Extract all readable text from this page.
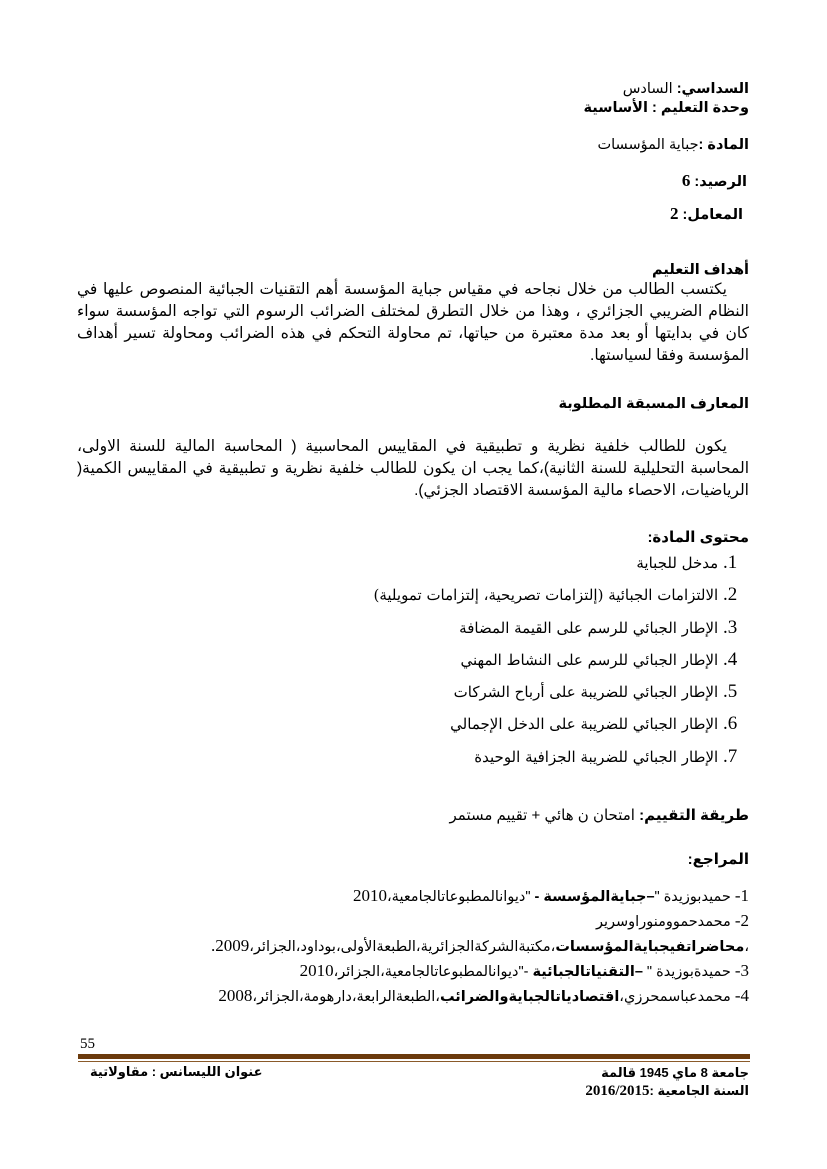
السداسي: السادس
وحدة التعليم : الأساسية
المادة :جباية المؤسسات
الرصيد: 6
المعامل: 2
أهداف التعليم
يكتسب الطالب من خلال نجاحه في مقياس جباية المؤسسة أهم التقنيات الجبائية المنصوص عليها في النظام الضريبي الجزائري ، وهذا من خلال التطرق لمختلف الضرائب الرسوم التي تواجه المؤسسة سواء كان في بدايتها أو بعد مدة معتبرة من حياتها، تم محاولة التحكم في هذه الضرائب ومحاولة تسير أهداف المؤسسة وفقا لسياستها.
المعارف المسبقة المطلوبة
يكون للطالب خلفية نظرية و تطبيقية في المقاييس المحاسبية ( المحاسبة المالية للسنة الاولى، المحاسبة التحليلية للسنة الثانية)،كما يجب ان يكون للطالب خلفية نظرية و تطبيقية في المقاييس الكمية( الرياضيات، الاحصاء مالية المؤسسة الاقتصاد الجزئي).
محتوى المادة:
1. مدخل للجباية
2. الالتزامات الجبائية (إلتزامات تصريحية، إلتزامات تمويلية)
3. الإطار الجبائي للرسم على القيمة المضافة
4. الإطار الجبائي للرسم على النشاط المهني
5. الإطار الجبائي للضريبة على أرباح الشركات
6. الإطار الجبائي للضريبة على الدخل الإجمالي
7. الإطار الجبائي للضريبة الجزافية الوحيدة
طريقة التقييم: امتحان ن هائي + تقييم مستمر
المراجع:
1- حميدبوزيدة "–جبايةالمؤسسة - "ديوانالمطبوعاتالجامعية،2010
2- محمدحموومنوراوسرير ،محاضراتفيجبايةالمؤسسات،مكتبةالشركةالجزائرية،الطبعةالأولى،بوداود،الجزائر،2009.
3- حميدةبوزيدة " –التقنياتالجبائية -"ديوانالمطبوعاتالجامعية،الجزائر،2010
4- محمدعباسمحرزي،اقتصادياتالجبايةوالضرائب،الطبعةالرابعة،دارهومة،الجزائر،2008
55
عنوان الليسانس : مقاولاتية	جامعة 8 ماي 1945 قالمة
السنة الجامعية :2016/2015
